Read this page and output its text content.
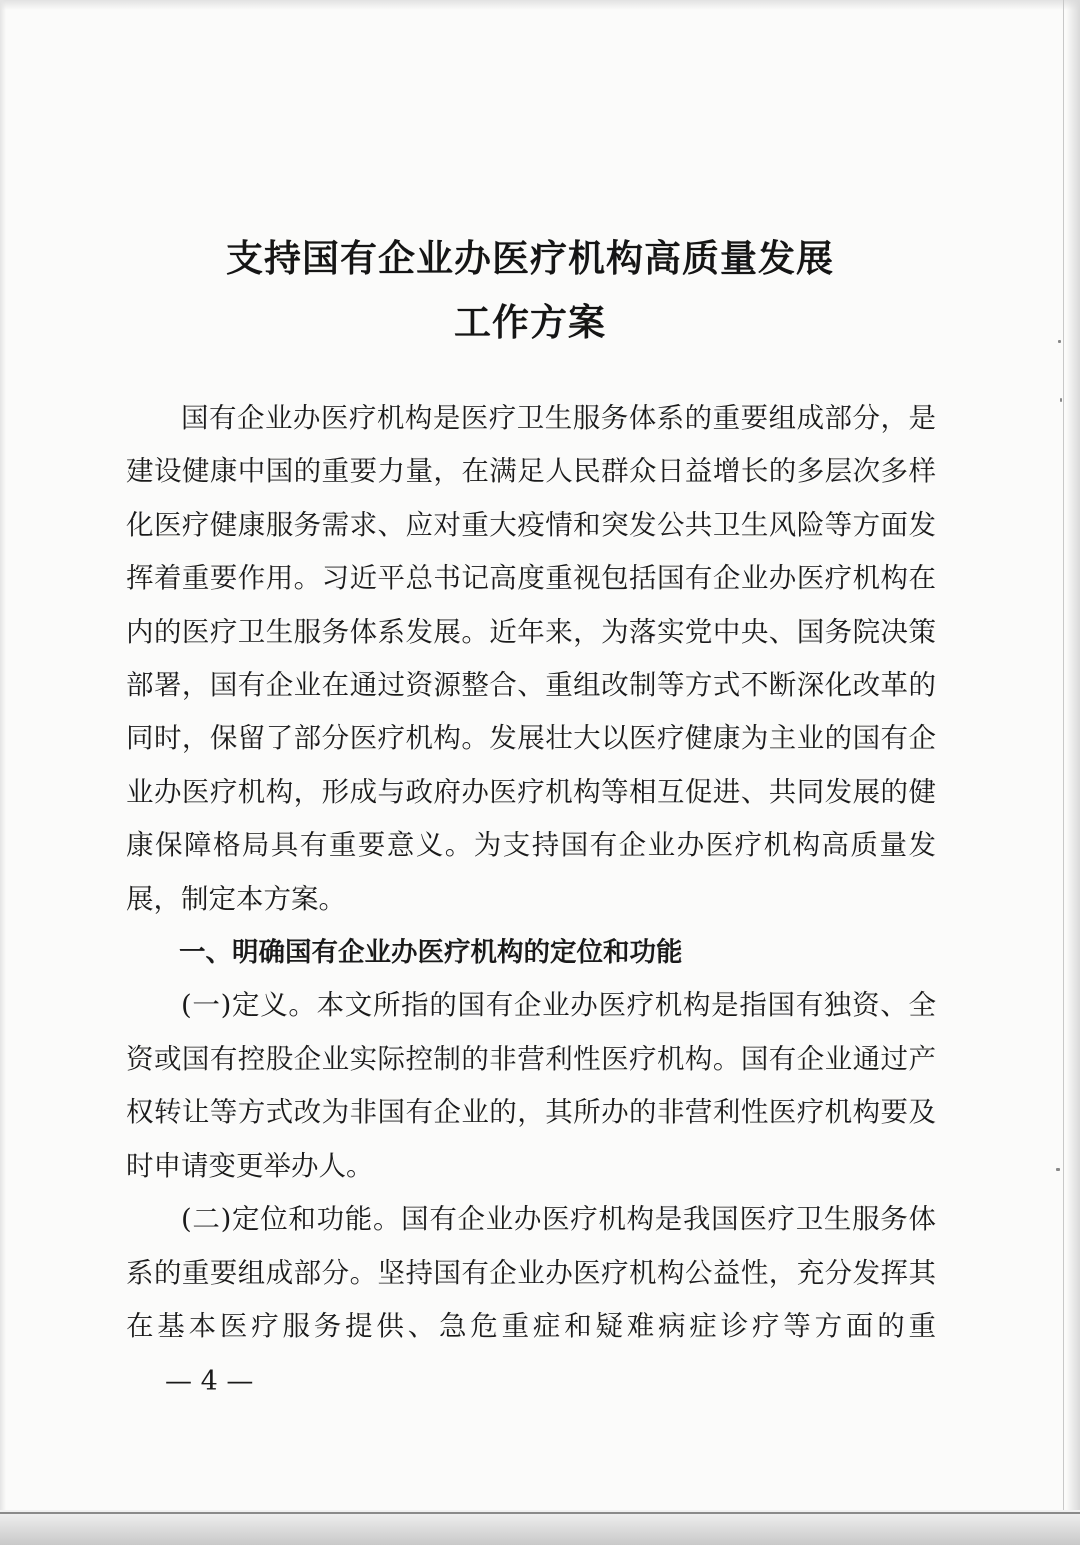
支持国有企业办医疗机构高质量发展
工作方案

国有企业办医疗机构是医疗卫生服务体系的重要组成部分，是建设健康中国的重要力量，在满足人民群众日益增长的多层次多样化医疗健康服务需求、应对重大疫情和突发公共卫生风险等方面发挥着重要作用。习近平总书记高度重视包括国有企业办医疗机构在内的医疗卫生服务体系发展。近年来，为落实党中央、国务院决策部署，国有企业在通过资源整合、重组改制等方式不断深化改革的同时，保留了部分医疗机构。发展壮大以医疗健康为主业的国有企业办医疗机构，形成与政府办医疗机构等相互促进、共同发展的健康保障格局具有重要意义。为支持国有企业办医疗机构高质量发展，制定本方案。

一、明确国有企业办医疗机构的定位和功能

(一)定义。本文所指的国有企业办医疗机构是指国有独资、全资或国有控股企业实际控制的非营利性医疗机构。国有企业通过产权转让等方式改为非国有企业的，其所办的非营利性医疗机构要及时申请变更举办人。

(二)定位和功能。国有企业办医疗机构是我国医疗卫生服务体系的重要组成部分。坚持国有企业办医疗机构公益性，充分发挥其在基本医疗服务提供、急危重症和疑难病症诊疗等方面的重

— 4 —
